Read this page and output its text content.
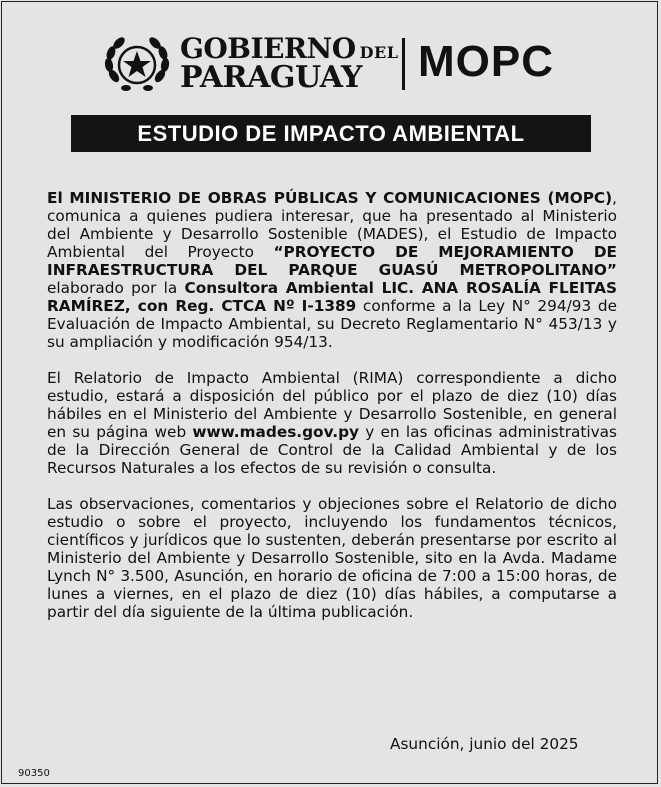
GOBIERNO DEL
PARAGUAY MOPC
ESTUDIO DE IMPACTO AMBIENTAL

El MINISTERIO DE OBRAS PÚBLICAS Y COMUNICACIONES (MOPC), comunica a quienes pudiera interesar, que ha presentado al Ministerio del Ambiente y Desarrollo Sostenible (MADES), el Estudio de Impacto Ambiental del Proyecto “PROYECTO DE MEJORAMIENTO DE INFRAESTRUCTURA DEL PARQUE GUASÚ METROPOLITANO” elaborado por la Consultora Ambiental LIC. ANA ROSALÍA FLEITAS RAMÍREZ, con Reg. CTCA Nº I-1389 conforme a la Ley N° 294/93 de Evaluación de Impacto Ambiental, su Decreto Reglamentario N° 453/13 y su ampliación y modificación 954/13.

El Relatorio de Impacto Ambiental (RIMA) correspondiente a dicho estudio, estará a disposición del público por el plazo de diez (10) días hábiles en el Ministerio del Ambiente y Desarrollo Sostenible, en general en su página web www.mades.gov.py y en las oficinas administrativas de la Dirección General de Control de la Calidad Ambiental y de los Recursos Naturales a los efectos de su revisión o consulta.

Las observaciones, comentarios y objeciones sobre el Relatorio de dicho estudio o sobre el proyecto, incluyendo los fundamentos técnicos, científicos y jurídicos que lo sustenten, deberán presentarse por escrito al Ministerio del Ambiente y Desarrollo Sostenible, sito en la Avda. Madame Lynch N° 3.500, Asunción, en horario de oficina de 7:00 a 15:00 horas, de lunes a viernes, en el plazo de diez (10) días hábiles, a computarse a partir del día siguiente de la última publicación.

Asunción, junio del 2025
90350
